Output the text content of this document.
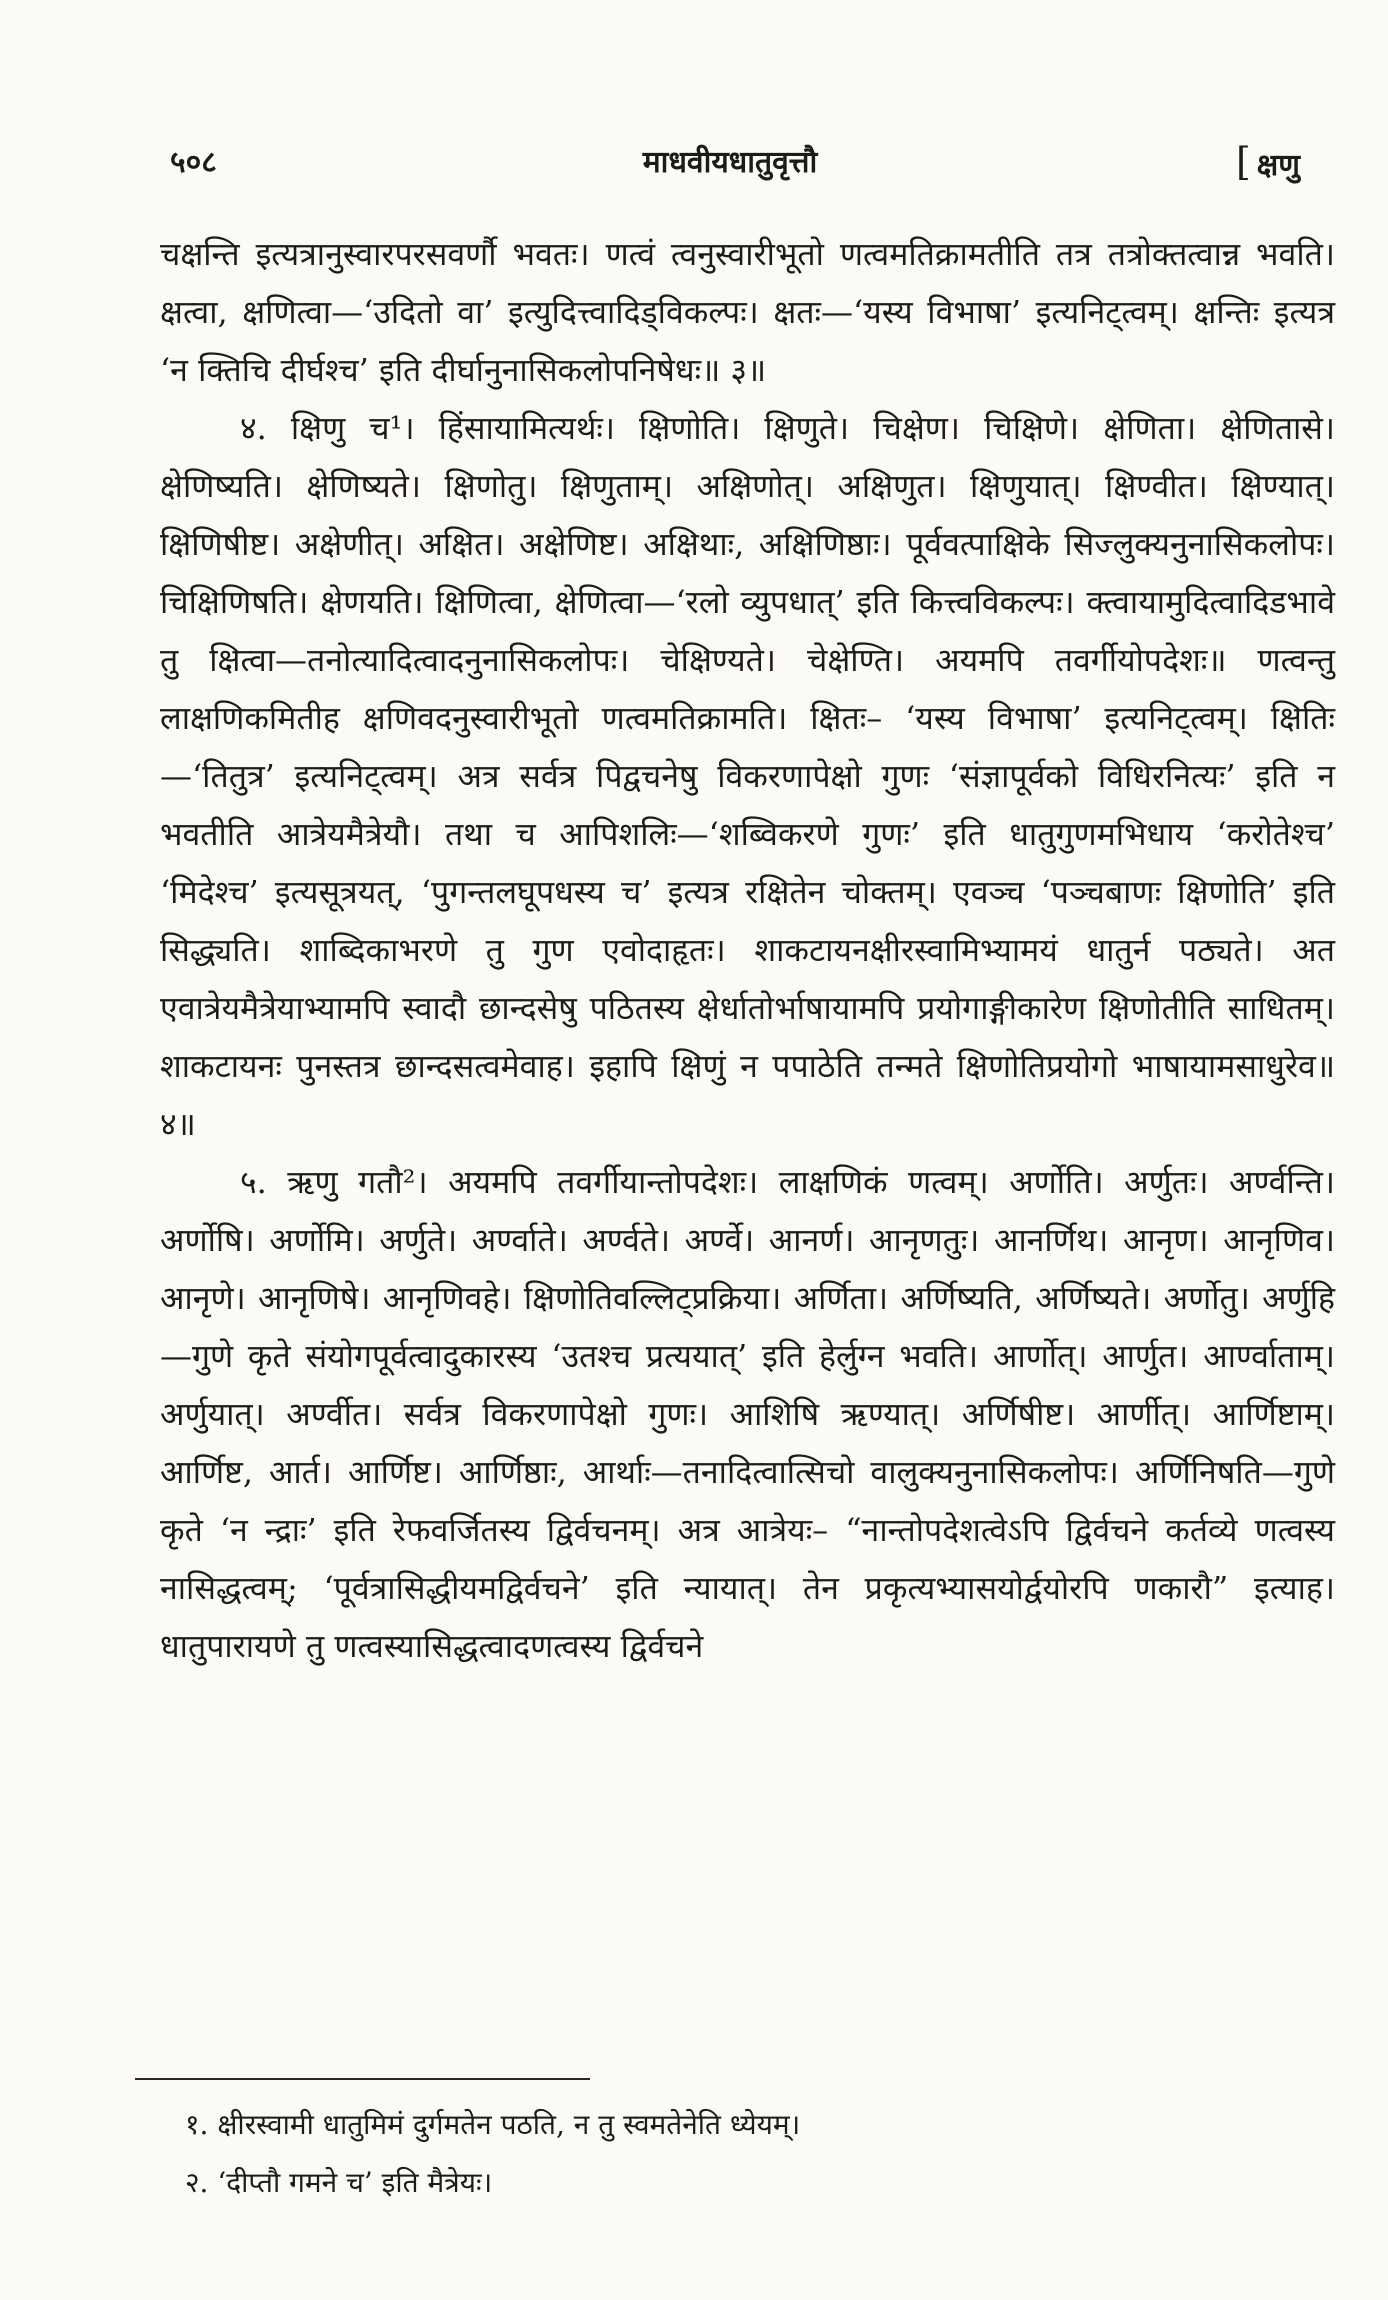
५०८	माधवीयधातुवृत्तौ	[ क्षणु

चक्षन्ति इत्यत्रानुस्वारपरसवर्णौ भवतः। णत्वं त्वनुस्वारीभूतो णत्वमतिक्रामतीति तत्र तत्रोक्तत्वान्न भवति। क्षत्वा, क्षणित्वा—‘उदितो वा’ इत्युदित्त्वादिड्विकल्पः। क्षतः—‘यस्य विभाषा’ इत्यनिट्त्वम्। क्षन्तिः इत्यत्र ‘न क्तिचि दीर्घश्च’ इति दीर्घानुनासिकलोपनिषेधः॥ ३॥

४. क्षिणु च¹। हिंसायामित्यर्थः। क्षिणोति। क्षिणुते। चिक्षेण। चिक्षिणे। क्षेणिता। क्षेणितासे। क्षेणिष्यति। क्षेणिष्यते। क्षिणोतु। क्षिणुताम्। अक्षिणोत्। अक्षिणुत। क्षिणुयात्। क्षिण्वीत। क्षिण्यात्। क्षिणिषीष्ट। अक्षेणीत्। अक्षित। अक्षेणिष्ट। अक्षिथाः, अक्षिणिष्ठाः। पूर्ववत्पाक्षिके सिज्लुक्यनुनासिकलोपः। चिक्षिणिषति। क्षेणयति। क्षिणित्वा, क्षेणित्वा—‘रलो व्युपधात्’ इति कित्त्वविकल्पः। क्त्वायामुदित्वादिडभावे तु क्षित्वा—तनोत्यादित्वादनुनासिकलोपः। चेक्षिण्यते। चेक्षेण्ति। अयमपि तवर्गीयोपदेशः॥ णत्वन्तु लाक्षणिकमितीह क्षणिवदनुस्वारीभूतो णत्वमतिक्रामति। क्षितः– ‘यस्य विभाषा’ इत्यनिट्त्वम्। क्षितिः—‘तितुत्र’ इत्यनिट्त्वम्। अत्र सर्वत्र पिद्वचनेषु विकरणापेक्षो गुणः ‘संज्ञापूर्वको विधिरनित्यः’ इति न भवतीति आत्रेयमैत्रेयौ। तथा च आपिशलिः—‘शब्विकरणे गुणः’ इति धातुगुणमभिधाय ‘करोतेश्च’ ‘मिदेश्च’ इत्यसूत्रयत्, ‘पुगन्तलघूपधस्य च’ इत्यत्र रक्षितेन चोक्तम्। एवञ्च ‘पञ्चबाणः क्षिणोति’ इति सिद्ध्यति। शाब्दिकाभरणे तु गुण एवोदाहृतः। शाकटायनक्षीरस्वामिभ्यामयं धातुर्न पठ्यते। अत एवात्रेयमैत्रेयाभ्यामपि स्वादौ छान्दसेषु पठितस्य क्षेर्धातोर्भाषायामपि प्रयोगाङ्गीकारेण क्षिणोतीति साधितम्। शाकटायनः पुनस्तत्र छान्दसत्वमेवाह। इहापि क्षिणुं न पपाठेति तन्मते क्षिणोतिप्रयोगो भाषायामसाधुरेव॥ ४॥

५. ऋणु गतौ²। अयमपि तवर्गीयान्तोपदेशः। लाक्षणिकं णत्वम्। अर्णोति। अर्णुतः। अर्ण्वन्ति। अर्णोषि। अर्णोमि। अर्णुते। अर्ण्वाते। अर्ण्वते। अर्ण्वे। आनर्ण। आनृणतुः। आनर्णिथ। आनृण। आनृणिव। आनृणे। आनृणिषे। आनृणिवहे। क्षिणोतिवल्लिट्प्रक्रिया। अर्णिता। अर्णिष्यति, अर्णिष्यते। अर्णोतु। अर्णुहि—गुणे कृते संयोगपूर्वत्वादुकारस्य ‘उतश्च प्रत्ययात्’ इति हेर्लुग्न भवति। आर्णोत्। आर्णुत। आर्ण्वाताम्। अर्णुयात्। अर्ण्वीत। सर्वत्र विकरणापेक्षो गुणः। आशिषि ऋण्यात्। अर्णिषीष्ट। आर्णीत्। आर्णिष्टाम्। आर्णिष्ट, आर्त। आर्णिष्ट। आर्णिष्ठाः, आर्थाः—तनादित्वात्सिचो वालुक्यनुनासिकलोपः। अर्णिनिषति—गुणे कृते ‘न न्द्राः’ इति रेफवर्जितस्य द्विर्वचनम्। अत्र आत्रेयः– “नान्तोपदेशत्वेऽपि द्विर्वचने कर्तव्ये णत्वस्य नासिद्धत्वम्; ‘पूर्वत्रासिद्धीयमद्विर्वचने’ इति न्यायात्। तेन प्रकृत्यभ्यासयोर्द्वयोरपि णकारौ” इत्याह। धातुपारायणे तु णत्वस्यासिद्धत्वादणत्वस्य द्विर्वचने

१. क्षीरस्वामी धातुमिमं दुर्गमतेन पठति, न तु स्वमतेनेति ध्येयम्।

२. ‘दीप्तौ गमने च’ इति मैत्रेयः।
